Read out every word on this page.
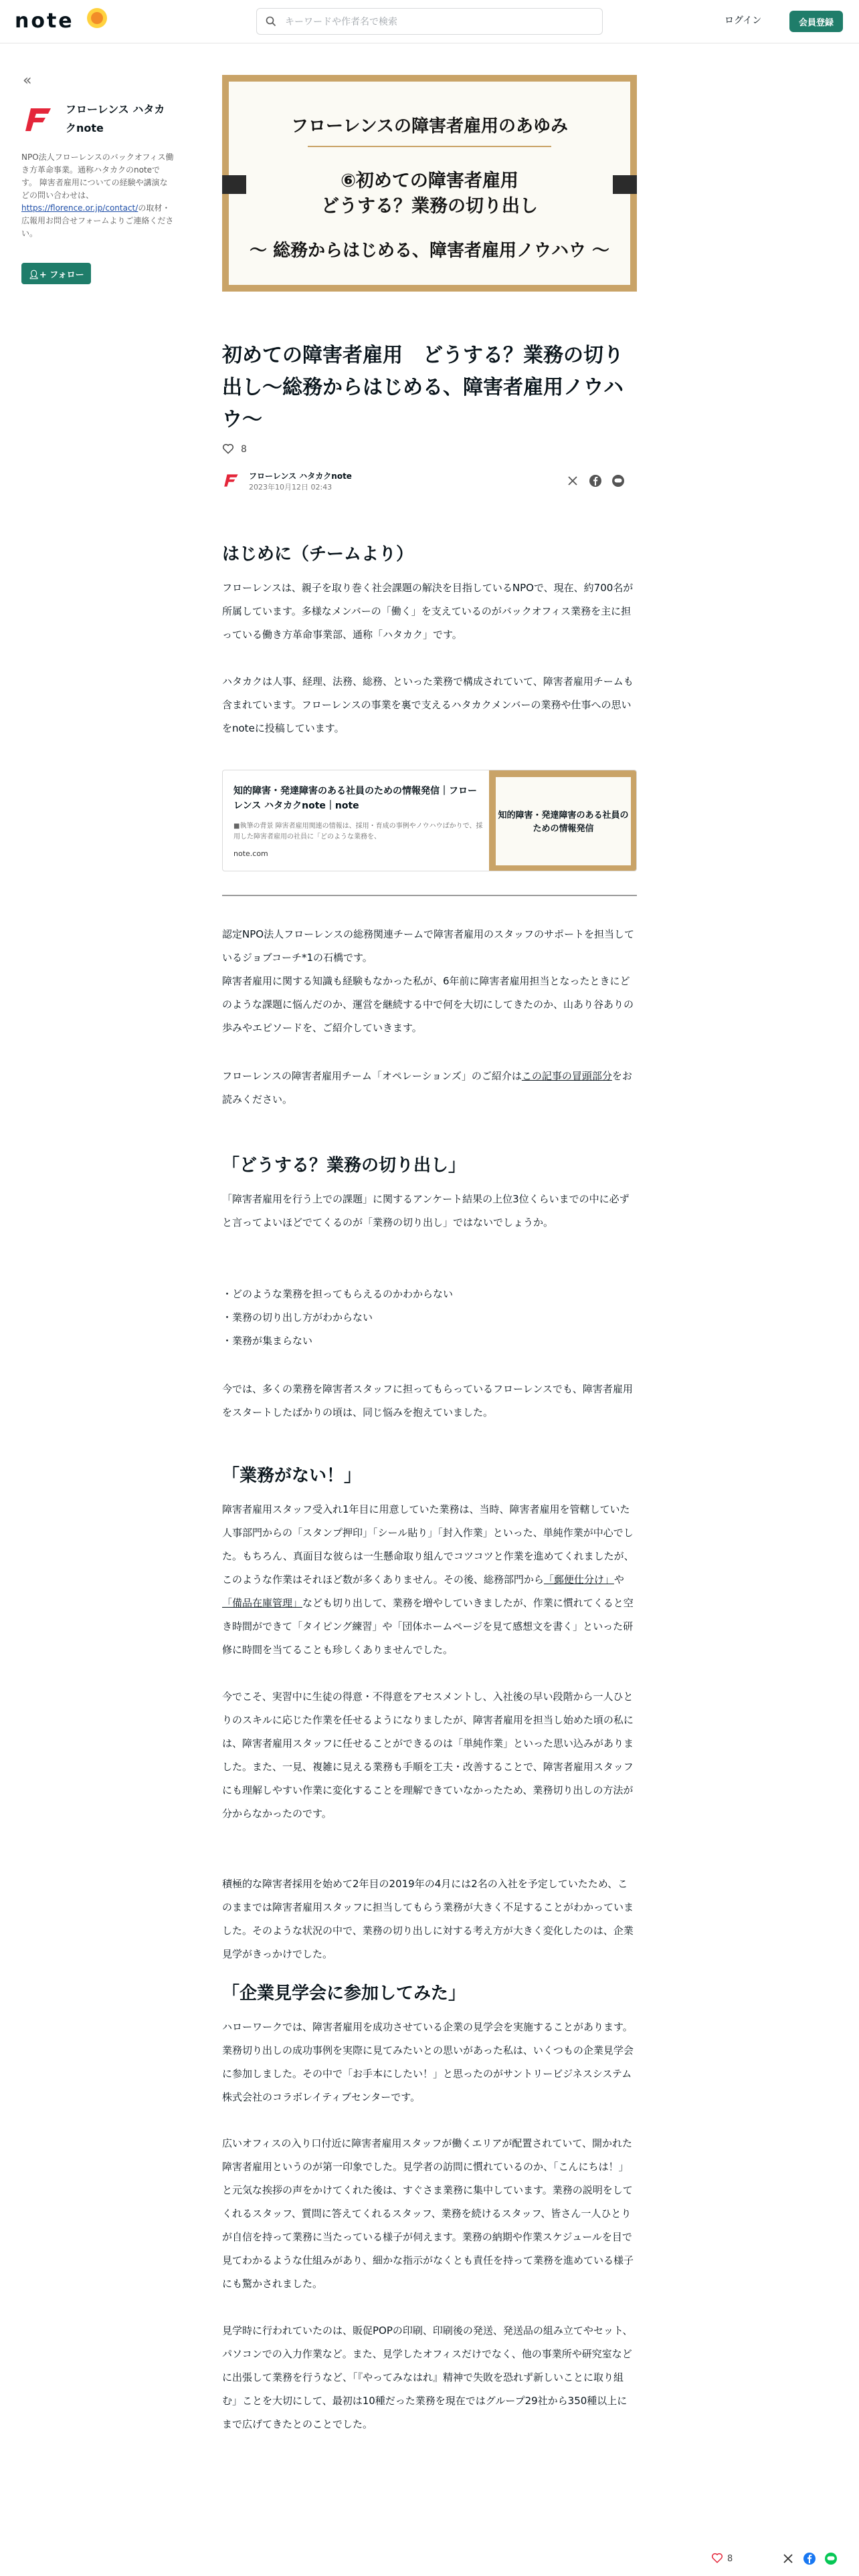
note
キーワードや作者名で検索	ログイン	会員登録
«
フローレンス ハタカクnote
NPO法人フローレンスのバックオフィス働き方革命事業。通称ハタカクのnoteです。 障害者雇用についての経験や講演などの問い合わせは、https://florence.or.jp/contact/の取材・広報用お問合せフォームよりご連絡ください。
👤︎+ フォロー
フローレンスの障害者雇用のあゆみ
⑥初めての障害者雇用
どうする？業務の切り出し
〜 総務からはじめる、障害者雇用ノウハウ 〜
初めての障害者雇用　どうする？業務の切り出し〜総務からはじめる、障害者雇用ノウハウ〜
8
フローレンス ハタカクnote
2023年10月12日 02:43
はじめに（チームより）

フローレンスは、親子を取り巻く社会課題の解決を目指しているNPOで、現在、約700名が所属しています。多様なメンバーの「働く」を支えているのがバックオフィス業務を主に担っている働き方革命事業部、通称「ハタカク」です。

ハタカクは人事、経理、法務、総務、といった業務で構成されていて、障害者雇用チームも含まれています。フローレンスの事業を裏で支えるハタカクメンバーの業務や仕事への思いをnoteに投稿しています。

知的障害・発達障害のある社員のための情報発信｜フローレンス ハタカクnote｜note
■執筆の背景 障害者雇用関連の情報は、採用・育成の事例やノウハウばかりで、採用した障害者雇用の社員に「どのような業務を、
note.com
知的障害・発達障害のある社員のための情報発信

認定NPO法人フローレンスの総務関連チームで障害者雇用のスタッフのサポートを担当しているジョブコーチ*1の石橋です。

障害者雇用に関する知識も経験もなかった私が、6年前に障害者雇用担当となったときにどのような課題に悩んだのか、運営を継続する中で何を大切にしてきたのか、山あり谷ありの歩みやエピソードを、ご紹介していきます。

フローレンスの障害者雇用チーム「オペレーションズ」のご紹介はこの記事の冒頭部分をお読みください。

「どうする？業務の切り出し」

「障害者雇用を行う上での課題」に関するアンケート結果の上位3位くらいまでの中に必ずと言ってよいほどでてくるのが「業務の切り出し」ではないでしょうか。

・どのような業務を担ってもらえるのかわからない
・業務の切り出し方がわからない
・業務が集まらない

今では、多くの業務を障害者スタッフに担ってもらっているフローレンスでも、障害者雇用をスタートしたばかりの頃は、同じ悩みを抱えていました。

「業務がない！」

障害者雇用スタッフ受入れ1年目に用意していた業務は、当時、障害者雇用を管轄していた人事部門からの「スタンプ押印」「シール貼り」「封入作業」といった、単純作業が中心でした。もちろん、真面目な彼らは一生懸命取り組んでコツコツと作業を進めてくれましたが、このような作業はそれほど数が多くありません。その後、総務部門から「郵便仕分け」や「備品在庫管理」なども切り出して、業務を増やしていきましたが、作業に慣れてくると空き時間ができて「タイピング練習」や「団体ホームページを見て感想文を書く」といった研修に時間を当てることも珍しくありませんでした。

今でこそ、実習中に生徒の得意・不得意をアセスメントし、入社後の早い段階から一人ひとりのスキルに応じた作業を任せるようになりましたが、障害者雇用を担当し始めた頃の私には、障害者雇用スタッフに任せることができるのは「単純作業」といった思い込みがありました。また、一見、複雑に見える業務も手順を工夫・改善することで、障害者雇用スタッフにも理解しやすい作業に変化することを理解できていなかったため、業務切り出しの方法が分からなかったのです。

積極的な障害者採用を始めて2年目の2019年の4月には2名の入社を予定していたため、このままでは障害者雇用スタッフに担当してもらう業務が大きく不足することがわかっていました。そのような状況の中で、業務の切り出しに対する考え方が大きく変化したのは、企業見学がきっかけでした。

「企業見学会に参加してみた」

ハローワークでは、障害者雇用を成功させている企業の見学会を実施することがあります。業務切り出しの成功事例を実際に見てみたいとの思いがあった私は、いくつもの企業見学会に参加しました。その中で「お手本にしたい！」と思ったのがサントリービジネスシステム株式会社のコラボレイティブセンターです。

広いオフィスの入り口付近に障害者雇用スタッフが働くエリアが配置されていて、開かれた障害者雇用というのが第一印象でした。見学者の訪問に慣れているのか、「こんにちは！」と元気な挨拶の声をかけてくれた後は、すぐさま業務に集中しています。業務の説明をしてくれるスタッフ、質問に答えてくれるスタッフ、業務を続けるスタッフ、皆さん一人ひとりが自信を持って業務に当たっている様子が伺えます。業務の納期や作業スケジュールを目で見てわかるような仕組みがあり、細かな指示がなくとも責任を持って業務を進めている様子にも驚かされました。

見学時に行われていたのは、販促POPの印刷、印刷後の発送、発送品の組み立てやセット、パソコンでの入力作業など。また、見学したオフィスだけでなく、他の事業所や研究室などに出張して業務を行うなど、「『やってみなはれ』精神で失敗を恐れず新しいことに取り組む」ことを大切にして、最初は10種だった業務を現在ではグループ29社から350種以上にまで広げてきたとのことでした。

8
